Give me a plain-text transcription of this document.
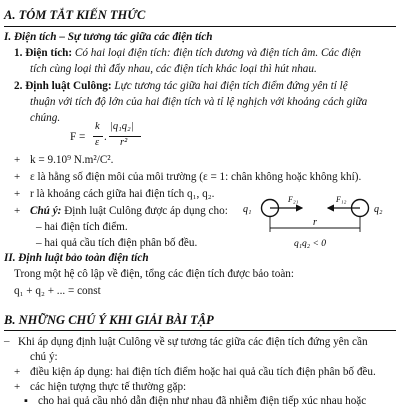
A. TÓM TẮT KIẾN THỨC
I. Điện tích – Sự tương tác giữa các điện tích
1. Điện tích: Có hai loại điện tích: điện tích dương và điện tích âm. Các điện
tích cùng loại thì đẩy nhau, các điện tích khác loại thì hút nhau.
2. Định luật Culông: Lực tương tác giữa hai điện tích điểm đứng yên tỉ lệ
thuận với tích độ lớn của hai điện tích và tỉ lệ nghịch với khoảng cách giữa
chúng.
F =
k
ε .
|q₁q₂|
r²
+ k = 9.10⁹ N.m²/C².
+ ε là hằng số điện môi của môi trường (ε = 1: chân không hoặc không khí).
+ r là khoảng cách giữa hai điện tích q₁, q₂.
+ Chú ý: Định luật Culông được áp dụng cho:
– hai điện tích điểm.
– hai quả cầu tích điện phân bố đều.
q₁	q₂
F₂₁	F₁₂
r
q₁q₂ < 0
II. Định luật bảo toàn điện tích
Trong một hệ cô lập về điện, tổng các điện tích được bảo toàn:
q₁ + q₂ + ... = const
B. NHỮNG CHÚ Ý KHI GIẢI BÀI TẬP
– Khi áp dụng định luật Culông về sự tương tác giữa các điện tích đứng yên cần
chú ý:
+ điều kiện áp dụng: hai điện tích điểm hoặc hai quả cầu tích điện phân bố đều.
+ các hiện tượng thực tế thường gặp:
▪ cho hai quả cầu nhỏ dẫn điện như nhau đã nhiễm điện tiếp xúc nhau hoặc
